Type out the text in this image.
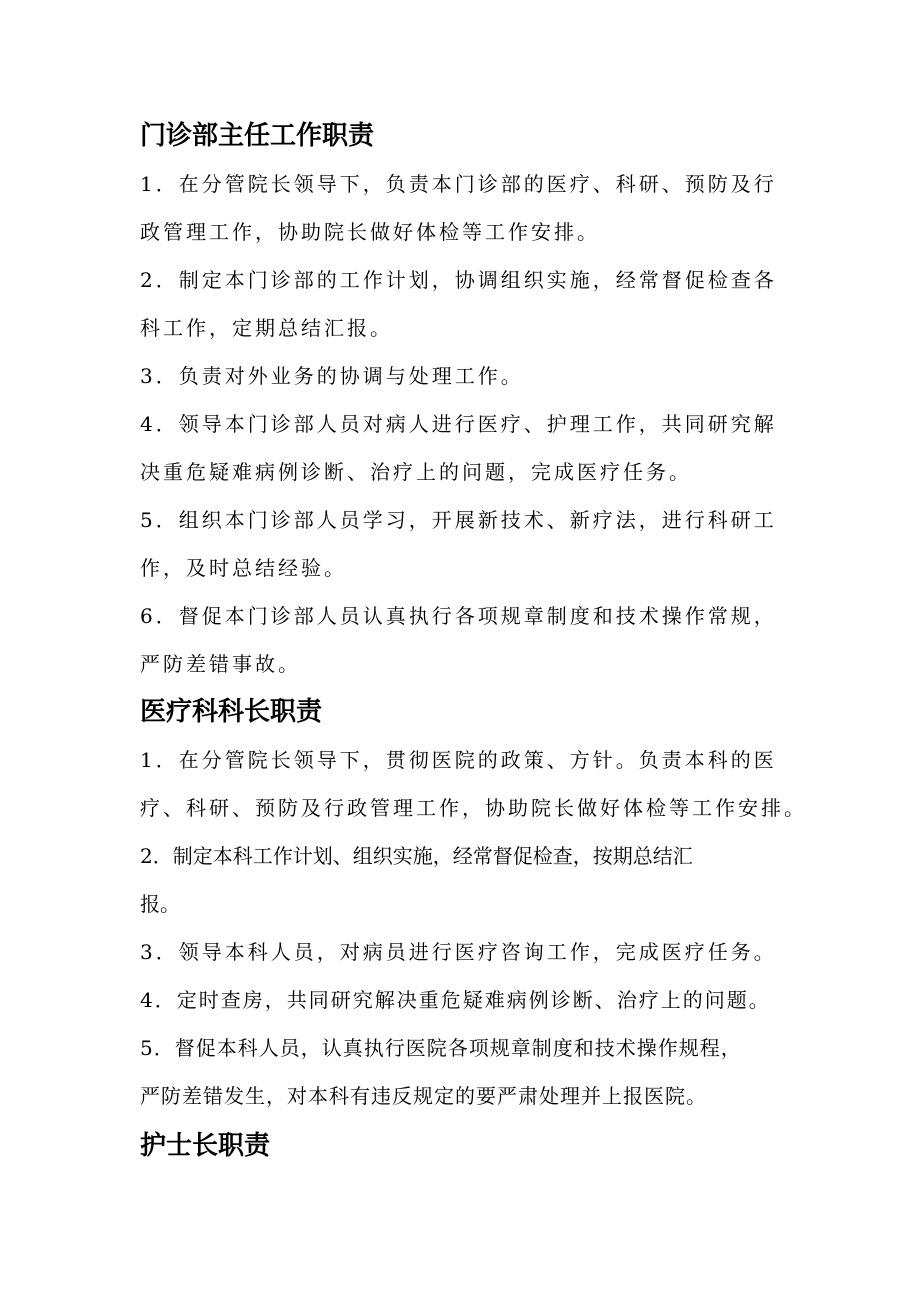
门诊部主任工作职责
1．在分管院长领导下，负责本门诊部的医疗、科研、预防及行
政管理工作，协助院长做好体检等工作安排。
2．制定本门诊部的工作计划，协调组织实施，经常督促检查各
科工作，定期总结汇报。
3．负责对外业务的协调与处理工作。
4．领导本门诊部人员对病人进行医疗、护理工作，共同研究解
决重危疑难病例诊断、治疗上的问题，完成医疗任务。
5．组织本门诊部人员学习，开展新技术、新疗法，进行科研工
作，及时总结经验。
6．督促本门诊部人员认真执行各项规章制度和技术操作常规，
严防差错事故。
医疗科科长职责
1．在分管院长领导下，贯彻医院的政策、方针。负责本科的医
疗、科研、预防及行政管理工作，协助院长做好体检等工作安排。
2．制定本科工作计划、组织实施，经常督促检查，按期总结汇
报。
3．领导本科人员，对病员进行医疗咨询工作，完成医疗任务。
4．定时查房，共同研究解决重危疑难病例诊断、治疗上的问题。
5．督促本科人员，认真执行医院各项规章制度和技术操作规程，
严防差错发生，对本科有违反规定的要严肃处理并上报医院。
护士长职责
